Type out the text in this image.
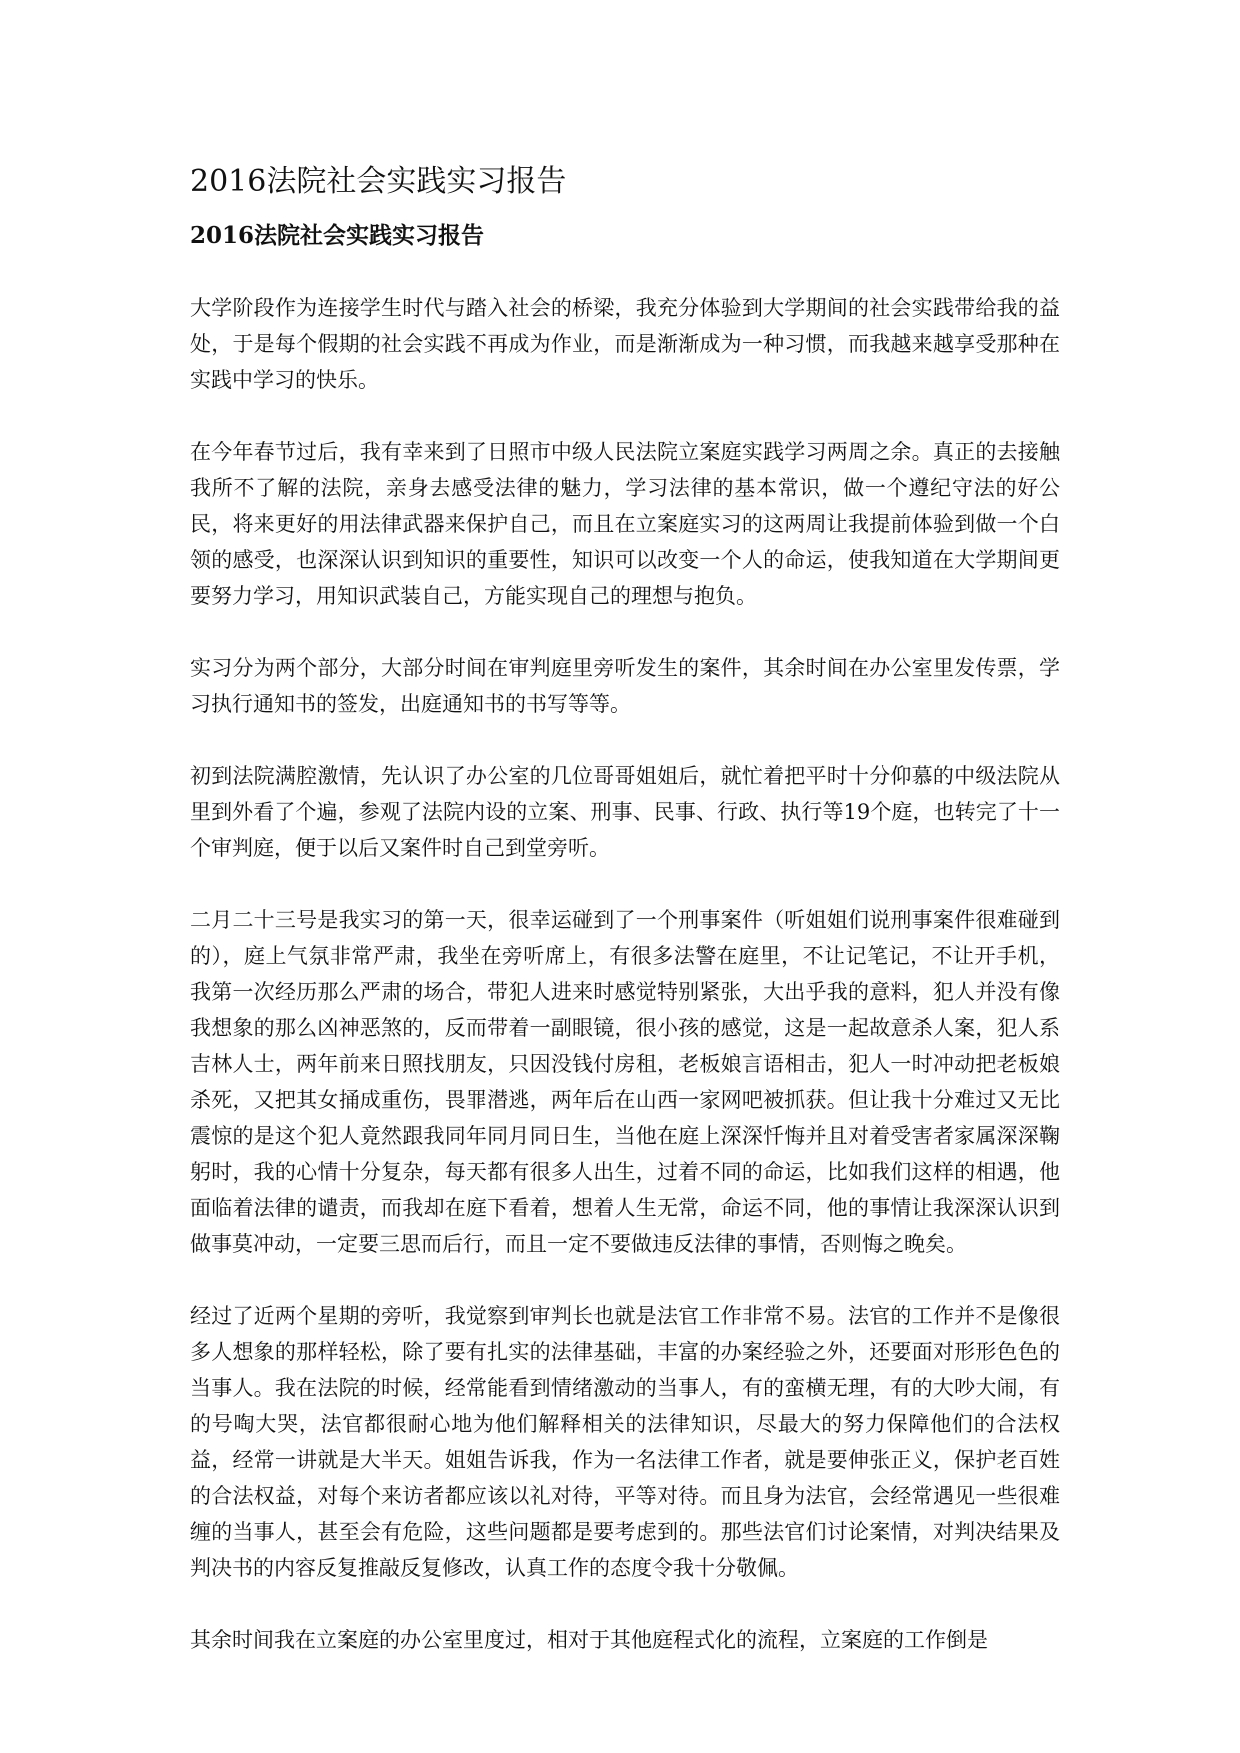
2016法院社会实践实习报告
2016法院社会实践实习报告

大学阶段作为连接学生时代与踏入社会的桥梁，我充分体验到大学期间的社会实践带给我的益处，于是每个假期的社会实践不再成为作业，而是渐渐成为一种习惯，而我越来越享受那种在实践中学习的快乐。

在今年春节过后，我有幸来到了日照市中级人民法院立案庭实践学习两周之余。真正的去接触我所不了解的法院，亲身去感受法律的魅力，学习法律的基本常识，做一个遵纪守法的好公民，将来更好的用法律武器来保护自己，而且在立案庭实习的这两周让我提前体验到做一个白领的感受，也深深认识到知识的重要性，知识可以改变一个人的命运，使我知道在大学期间更要努力学习，用知识武装自己，方能实现自己的理想与抱负。

实习分为两个部分，大部分时间在审判庭里旁听发生的案件，其余时间在办公室里发传票，学习执行通知书的签发，出庭通知书的书写等等。

初到法院满腔激情，先认识了办公室的几位哥哥姐姐后，就忙着把平时十分仰慕的中级法院从里到外看了个遍，参观了法院内设的立案、刑事、民事、行政、执行等19个庭，也转完了十一个审判庭，便于以后又案件时自己到堂旁听。

二月二十三号是我实习的第一天，很幸运碰到了一个刑事案件（听姐姐们说刑事案件很难碰到的），庭上气氛非常严肃，我坐在旁听席上，有很多法警在庭里，不让记笔记，不让开手机，我第一次经历那么严肃的场合，带犯人进来时感觉特别紧张，大出乎我的意料，犯人并没有像我想象的那么凶神恶煞的，反而带着一副眼镜，很小孩的感觉，这是一起故意杀人案，犯人系吉林人士，两年前来日照找朋友，只因没钱付房租，老板娘言语相击，犯人一时冲动把老板娘杀死，又把其女捅成重伤，畏罪潜逃，两年后在山西一家网吧被抓获。但让我十分难过又无比震惊的是这个犯人竟然跟我同年同月同日生，当他在庭上深深忏悔并且对着受害者家属深深鞠躬时，我的心情十分复杂，每天都有很多人出生，过着不同的命运，比如我们这样的相遇，他面临着法律的谴责，而我却在庭下看着，想着人生无常，命运不同，他的事情让我深深认识到做事莫冲动，一定要三思而后行，而且一定不要做违反法律的事情，否则悔之晚矣。

经过了近两个星期的旁听，我觉察到审判长也就是法官工作非常不易。法官的工作并不是像很多人想象的那样轻松，除了要有扎实的法律基础，丰富的办案经验之外，还要面对形形色色的当事人。我在法院的时候，经常能看到情绪激动的当事人，有的蛮横无理，有的大吵大闹，有的号啕大哭，法官都很耐心地为他们解释相关的法律知识，尽最大的努力保障他们的合法权益，经常一讲就是大半天。姐姐告诉我，作为一名法律工作者，就是要伸张正义，保护老百姓的合法权益，对每个来访者都应该以礼对待，平等对待。而且身为法官，会经常遇见一些很难缠的当事人，甚至会有危险，这些问题都是要考虑到的。那些法官们讨论案情，对判决结果及判决书的内容反复推敲反复修改，认真工作的态度令我十分敬佩。

其余时间我在立案庭的办公室里度过，相对于其他庭程式化的流程，立案庭的工作倒是
